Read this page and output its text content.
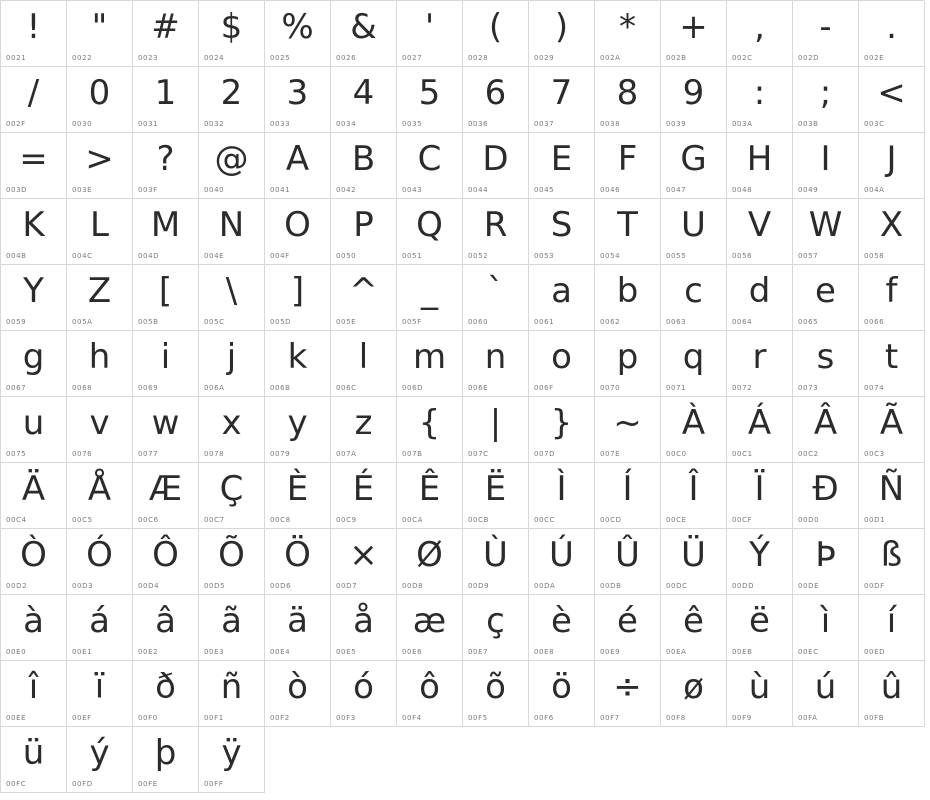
!
0021
"
0022
#
0023
$
0024
%
0025
&
0026
'
0027
(
0028
)
0029
*
002A
+
002B
,
002C
-
002D
.
002E
/
002F
0
0030
1
0031
2
0032
3
0033
4
0034
5
0035
6
0036
7
0037
8
0038
9
0039
:
003A
;
003B
<
003C
=
003D
>
003E
?
003F
@
0040
A
0041
B
0042
C
0043
D
0044
E
0045
F
0046
G
0047
H
0048
I
0049
J
004A
K
004B
L
004C
M
004D
N
004E
O
004F
P
0050
Q
0051
R
0052
S
0053
T
0054
U
0055
V
0056
W
0057
X
0058
Y
0059
Z
005A
[
005B
\
005C
]
005D
^
005E
_
005F
`
0060
a
0061
b
0062
c
0063
d
0064
e
0065
f
0066
g
0067
h
0068
i
0069
j
006A
k
006B
l
006C
m
006D
n
006E
o
006F
p
0070
q
0071
r
0072
s
0073
t
0074
u
0075
v
0076
w
0077
x
0078
y
0079
z
007A
{
007B
|
007C
}
007D
~
007E
À
00C0
Á
00C1
Â
00C2
Ã
00C3
Ä
00C4
Å
00C5
Æ
00C6
Ç
00C7
È
00C8
É
00C9
Ê
00CA
Ë
00CB
Ì
00CC
Í
00CD
Î
00CE
Ï
00CF
Ð
00D0
Ñ
00D1
Ò
00D2
Ó
00D3
Ô
00D4
Õ
00D5
Ö
00D6
×
00D7
Ø
00D8
Ù
00D9
Ú
00DA
Û
00DB
Ü
00DC
Ý
00DD
Þ
00DE
ß
00DF
à
00E0
á
00E1
â
00E2
ã
00E3
ä
00E4
å
00E5
æ
00E6
ç
00E7
è
00E8
é
00E9
ê
00EA
ë
00EB
ì
00EC
í
00ED
î
00EE
ï
00EF
ð
00F0
ñ
00F1
ò
00F2
ó
00F3
ô
00F4
õ
00F5
ö
00F6
÷
00F7
ø
00F8
ù
00F9
ú
00FA
û
00FB
ü
00FC
ý
00FD
þ
00FE
ÿ
00FF
